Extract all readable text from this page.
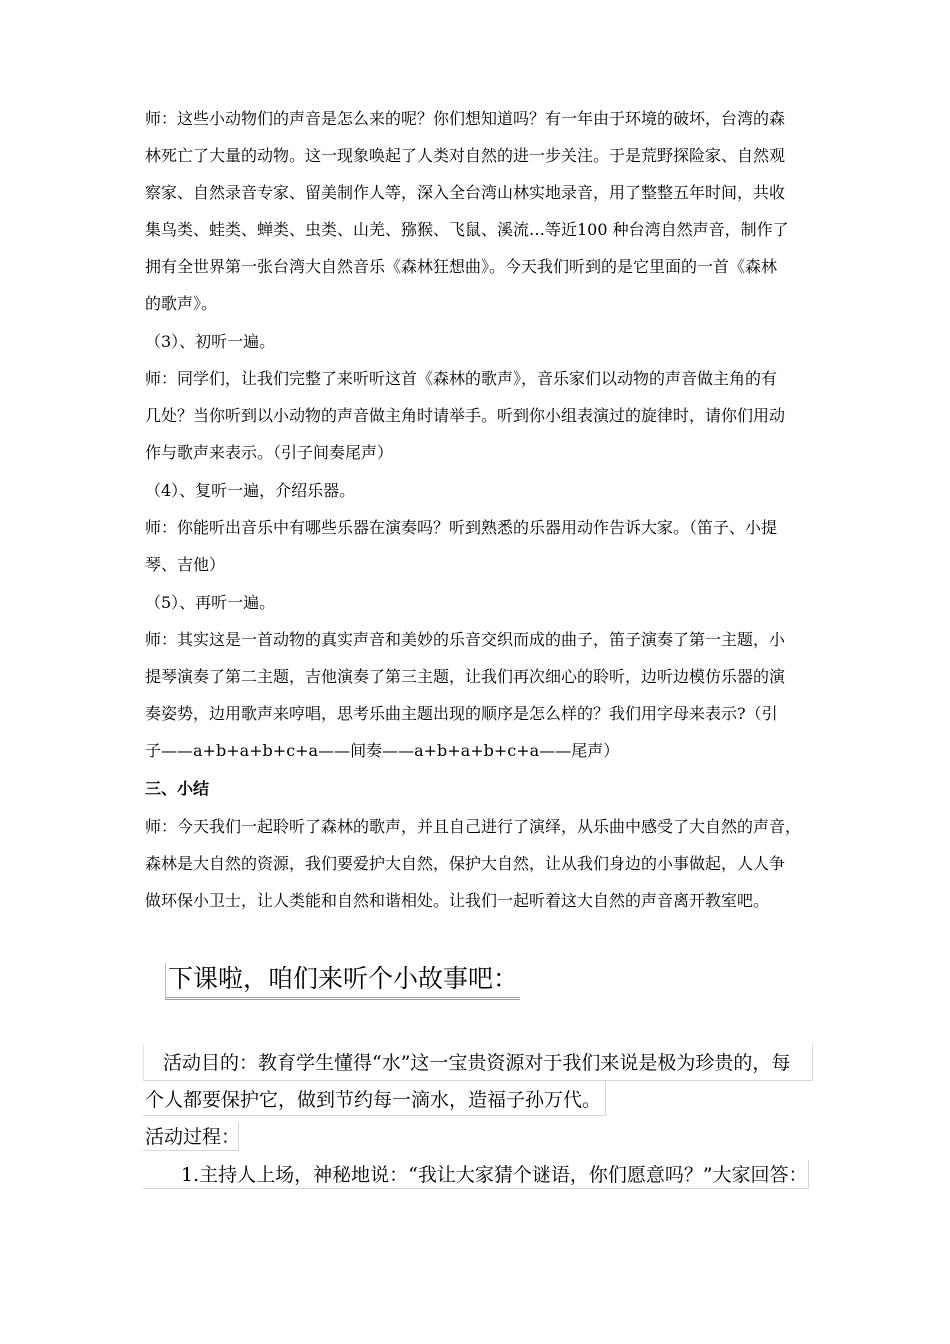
师：这些小动物们的声音是怎么来的呢？你们想知道吗？有一年由于环境的破坏，台湾的森
林死亡了大量的动物。这一现象唤起了人类对自然的进一步关注。于是荒野探险家、自然观
察家、自然录音专家、留美制作人等，深入全台湾山林实地录音，用了整整五年时间，共收
集鸟类、蛙类、蝉类、虫类、山羌、猕猴、飞鼠、溪流…等近100 种台湾自然声音，制作了
拥有全世界第一张台湾大自然音乐《森林狂想曲》。今天我们听到的是它里面的一首《森林
的歌声》。
（3）、初听一遍。
师：同学们，让我们完整了来听听这首《森林的歌声》，音乐家们以动物的声音做主角的有
几处？当你听到以小动物的声音做主角时请举手。听到你小组表演过的旋律时，请你们用动
作与歌声来表示。（引子间奏尾声）
（4）、复听一遍，介绍乐器。
师：你能听出音乐中有哪些乐器在演奏吗？听到熟悉的乐器用动作告诉大家。（笛子、小提
琴、吉他）
（5）、再听一遍。
师：其实这是一首动物的真实声音和美妙的乐音交织而成的曲子，笛子演奏了第一主题，小
提琴演奏了第二主题，吉他演奏了第三主题，让我们再次细心的聆听，边听边模仿乐器的演
奏姿势，边用歌声来哼唱，思考乐曲主题出现的顺序是怎么样的？我们用字母来表示?（引
子——a+b+a+b+c+a——间奏——a+b+a+b+c+a——尾声）
三、小结
师：今天我们一起聆听了森林的歌声，并且自己进行了演绎，从乐曲中感受了大自然的声音，
森林是大自然的资源，我们要爱护大自然，保护大自然，让从我们身边的小事做起，人人争
做环保小卫士，让人类能和自然和谐相处。让我们一起听着这大自然的声音离开教室吧。
下课啦，咱们来听个小故事吧：
活动目的：教育学生懂得“水”这一宝贵资源对于我们来说是极为珍贵的，每
个人都要保护它，做到节约每一滴水，造福子孙万代。
活动过程：
1.主持人上场，神秘地说：“我让大家猜个谜语，你们愿意吗？”大家回答：
